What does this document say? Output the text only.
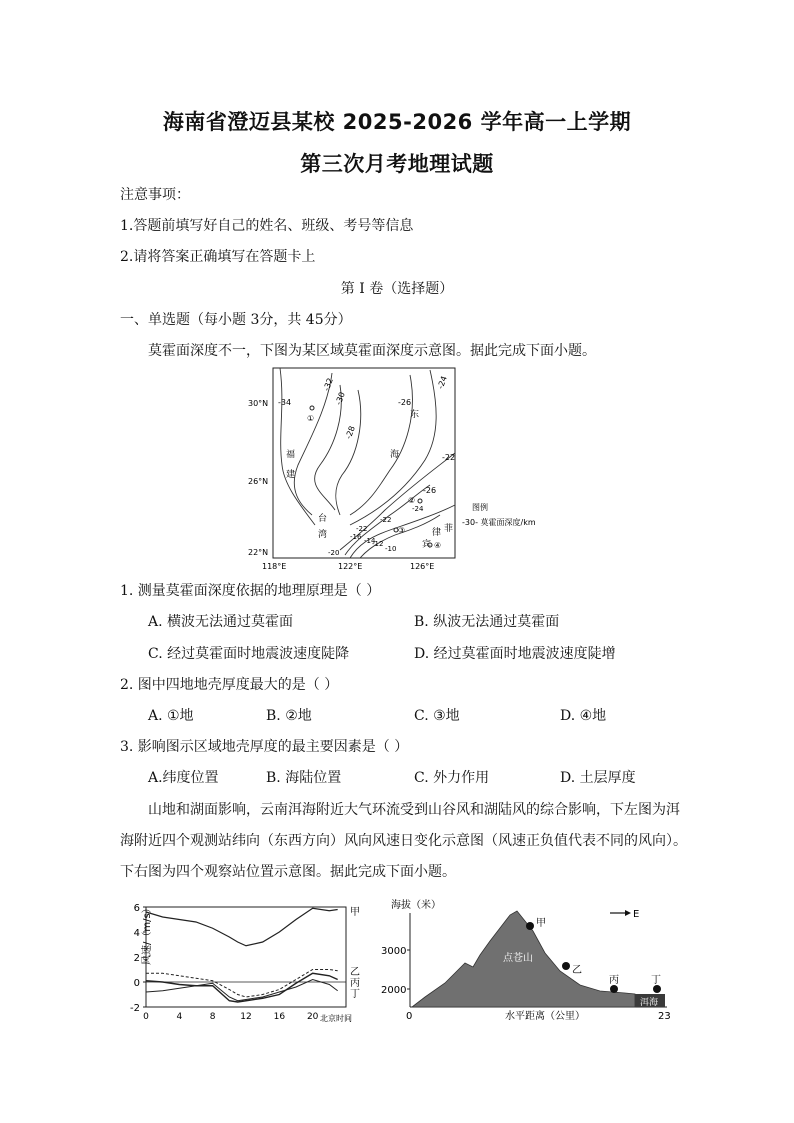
海南省澄迈县某校 2025-2026 学年高一上学期
第三次月考地理试题
注意事项：
1.答题前填写好自己的姓名、班级、考号等信息
2.请将答案正确填写在答题卡上
第 I 卷（选择题）
一、单选题（每小题 3分，共 45分）
莫霍面深度不一，下图为某区域莫霍面深度示意图。据此完成下面小题。
30°N
26°N
22°N
118°E	122°E	126°E
-34
-32
-30
-28
-26
-24
-22
-22
-26
-24
-22
-16 -14
-12
-10
-20
福
建
台
湾
海
东
菲
律
宾
①
②
③
④
图例
-30- 莫霍面深度/km
1. 测量莫霍面深度依据的地理原理是（ ）
A. 横波无法通过莫霍面	B. 纵波无法通过莫霍面
C. 经过莫霍面时地震波速度陡降	D. 经过莫霍面时地震波速度陡增
2. 图中四地地壳厚度最大的是（ ）
A. ①地	B. ②地	C. ③地	D. ④地
3. 影响图示区域地壳厚度的最主要因素是（ ）
A.纬度位置	B. 海陆位置	C. 外力作用	D. 土层厚度
山地和湖面影响，云南洱海附近大气环流受到山谷风和湖陆风的综合影响，下左图为洱
海附近四个观测站纬向（东西方向）风向风速日变化示意图（风速正负值代表不同的风向）。
下右图为四个观察站位置示意图。据此完成下面小题。
风速/（m/s）
北京时间
6
4
2
0
-2
0	4	8	12 16 20
甲
乙
丙
丁
海拔（米）
3000
2000
洱海
点苍山
甲
乙
丙	丁
E
0	23
水平距离（公里）
